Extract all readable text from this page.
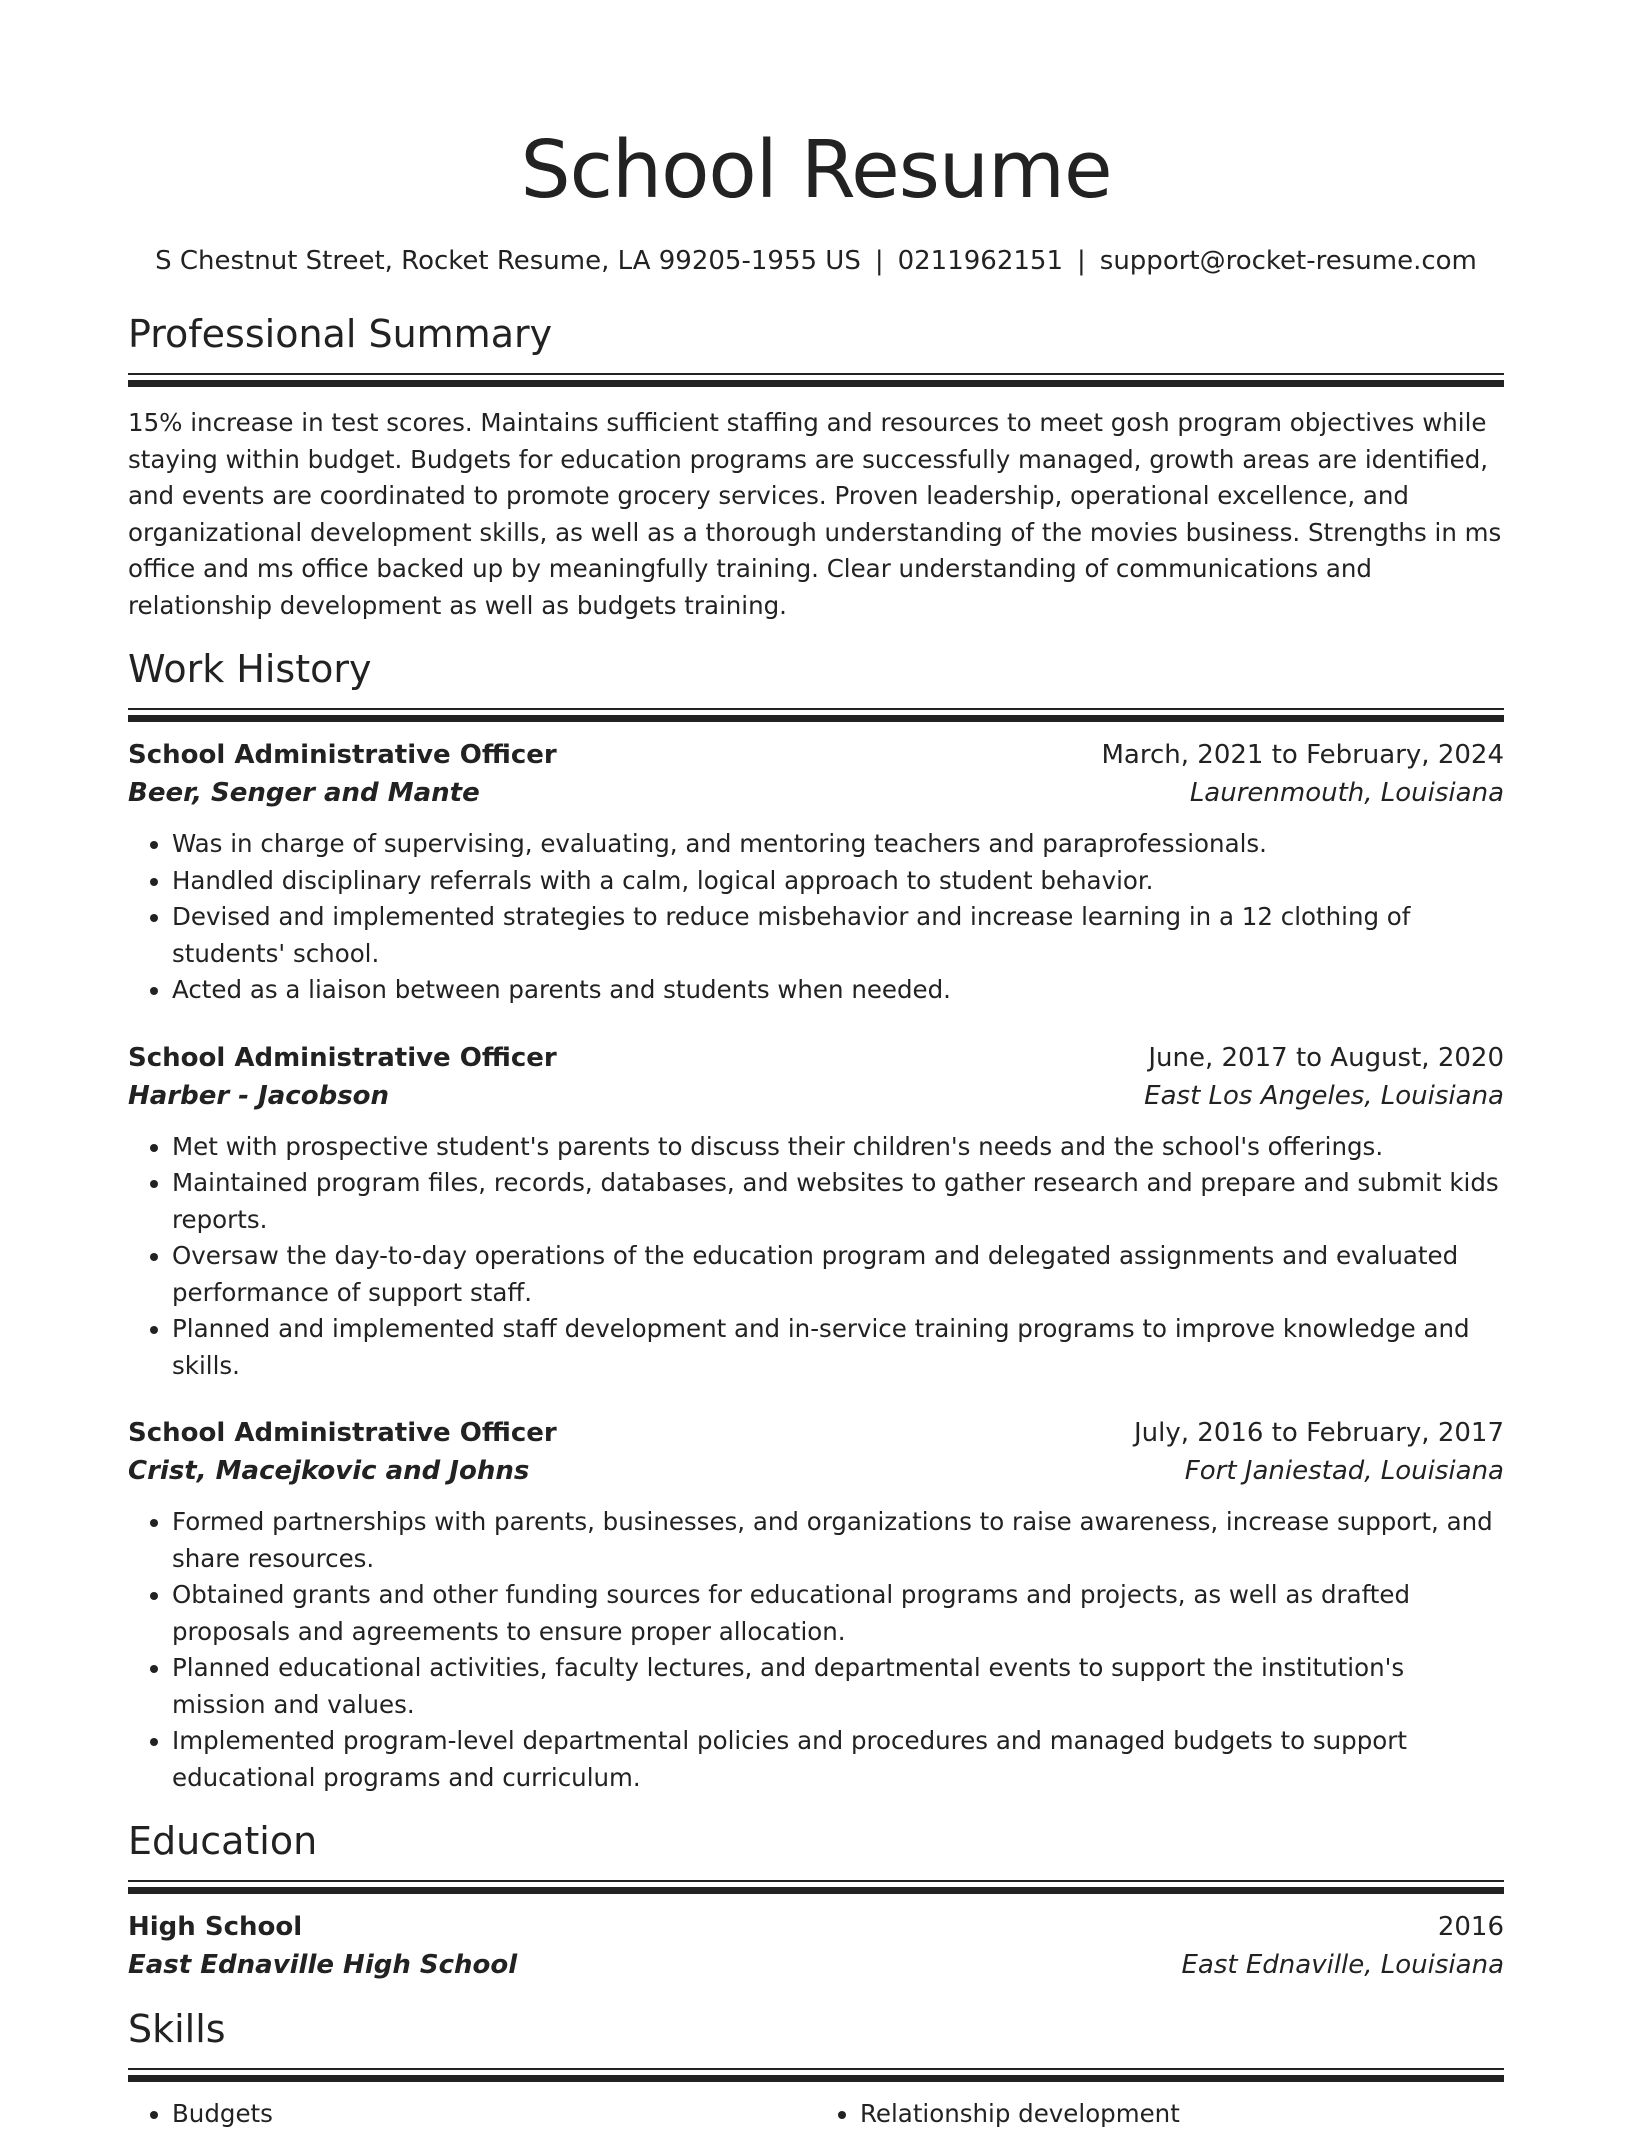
School Resume
S Chestnut Street, Rocket Resume, LA 99205-1955 US | 0211962151 | support@rocket-resume.com
Professional Summary
15% increase in test scores. Maintains sufficient staffing and resources to meet gosh program objectives while staying within budget. Budgets for education programs are successfully managed, growth areas are identified, and events are coordinated to promote grocery services. Proven leadership, operational excellence, and organizational development skills, as well as a thorough understanding of the movies business. Strengths in ms office and ms office backed up by meaningfully training. Clear understanding of communications and relationship development as well as budgets training.
Work History
School Administrative Officer	March, 2021 to February, 2024
Beer, Senger and Mante	Laurenmouth, Louisiana
• Was in charge of supervising, evaluating, and mentoring teachers and paraprofessionals.
• Handled disciplinary referrals with a calm, logical approach to student behavior.
• Devised and implemented strategies to reduce misbehavior and increase learning in a 12 clothing of students' school.
• Acted as a liaison between parents and students when needed.
School Administrative Officer	June, 2017 to August, 2020
Harber - Jacobson	East Los Angeles, Louisiana
• Met with prospective student's parents to discuss their children's needs and the school's offerings.
• Maintained program files, records, databases, and websites to gather research and prepare and submit kids reports.
• Oversaw the day-to-day operations of the education program and delegated assignments and evaluated performance of support staff.
• Planned and implemented staff development and in-service training programs to improve knowledge and skills.
School Administrative Officer	July, 2016 to February, 2017
Crist, Macejkovic and Johns	Fort Janiestad, Louisiana
• Formed partnerships with parents, businesses, and organizations to raise awareness, increase support, and share resources.
• Obtained grants and other funding sources for educational programs and projects, as well as drafted proposals and agreements to ensure proper allocation.
• Planned educational activities, faculty lectures, and departmental events to support the institution's mission and values.
• Implemented program-level departmental policies and procedures and managed budgets to support educational programs and curriculum.
Education
High School	2016
East Ednaville High School	East Ednaville, Louisiana
Skills
• Budgets
•	Relationship development
